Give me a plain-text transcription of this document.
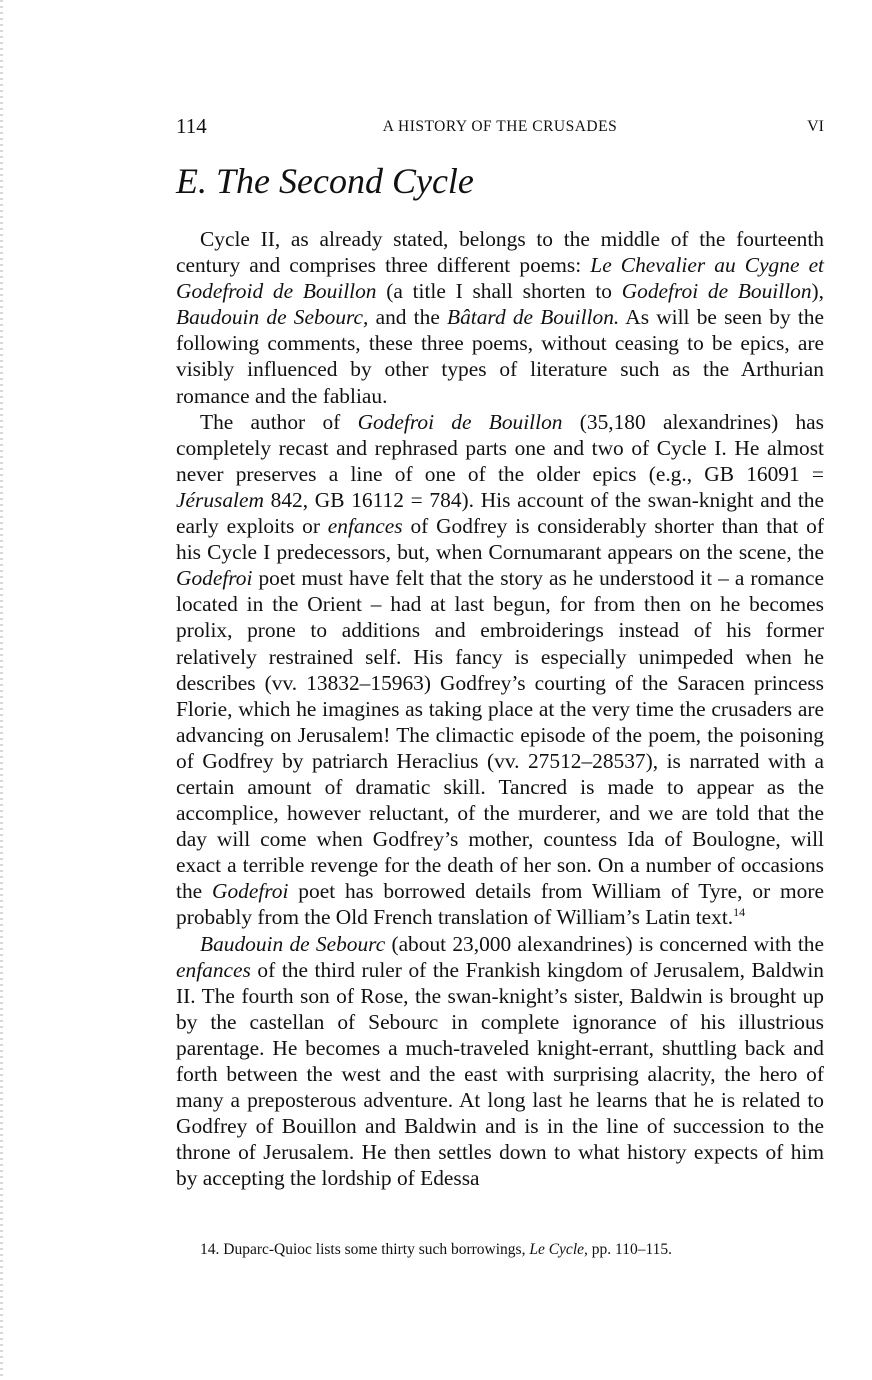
114	A HISTORY OF THE CRUSADES	VI
E. The Second Cycle

Cycle II, as already stated, belongs to the middle of the fourteenth century and comprises three different poems: Le Chevalier au Cygne et Godefroid de Bouillon (a title I shall shorten to Godefroi de Bouillon), Baudouin de Sebourc, and the Bâtard de Bouillon. As will be seen by the following comments, these three poems, without ceasing to be epics, are visibly influenced by other types of literature such as the Arthurian romance and the fabliau.

The author of Godefroi de Bouillon (35,180 alexandrines) has completely recast and rephrased parts one and two of Cycle I. He almost never preserves a line of one of the older epics (e.g., GB 16091 = Jérusalem 842, GB 16112 = 784). His account of the swan-knight and the early exploits or enfances of Godfrey is considerably shorter than that of his Cycle I predecessors, but, when Cornumarant appears on the scene, the Godefroi poet must have felt that the story as he understood it – a romance located in the Orient – had at last begun, for from then on he becomes prolix, prone to additions and embroiderings instead of his former relatively restrained self. His fancy is especially unimpeded when he describes (vv. 13832–15963) Godfrey’s courting of the Saracen princess Florie, which he imagines as taking place at the very time the crusaders are advancing on Jerusalem! The climactic episode of the poem, the poisoning of Godfrey by patriarch Heraclius (vv. 27512–28537), is narrated with a certain amount of dramatic skill. Tancred is made to appear as the accomplice, however reluctant, of the murderer, and we are told that the day will come when Godfrey’s mother, countess Ida of Boulogne, will exact a terrible revenge for the death of her son. On a number of occasions the Godefroi poet has borrowed details from William of Tyre, or more probably from the Old French translation of William’s Latin text.$^{14}$

Baudouin de Sebourc (about 23,000 alexandrines) is concerned with the enfances of the third ruler of the Frankish kingdom of Jerusalem, Baldwin II. The fourth son of Rose, the swan-knight’s sister, Baldwin is brought up by the castellan of Sebourc in complete ignorance of his illustrious parentage. He becomes a much-traveled knight-errant, shuttling back and forth between the west and the east with surprising alacrity, the hero of many a preposterous adventure. At long last he learns that he is related to Godfrey of Bouillon and Baldwin and is in the line of succession to the throne of Jerusalem. He then settles down to what history expects of him by accepting the lordship of Edessa

14. Duparc-Quioc lists some thirty such borrowings, Le Cycle, pp. 110–115.
